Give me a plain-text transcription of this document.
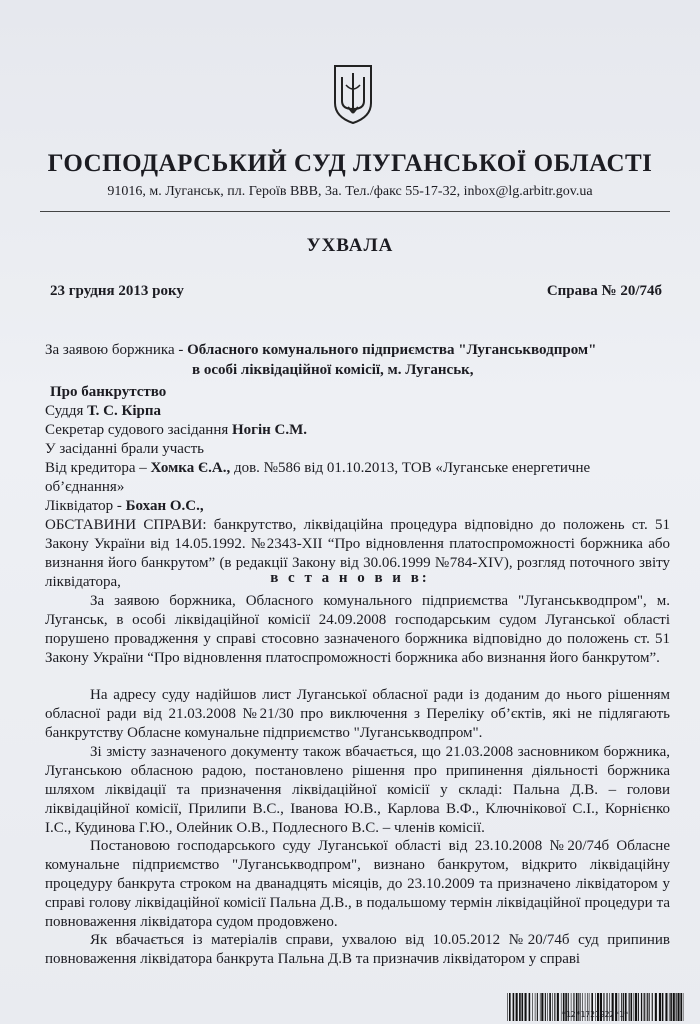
ГОСПОДАРСЬКИЙ СУД ЛУГАНСЬКОЇ ОБЛАСТІ
91016, м. Луганськ, пл. Героїв ВВВ, 3а. Тел./факс 55-17-32, inbox@lg.arbitr.gov.ua
УХВАЛА
23 грудня 2013 року	Справа № 20/74б
За заявою боржника - Обласного комунального підприємства "Луганськводпром"
в особі ліквідаційної комісії, м. Луганськ,
Про банкрутство
Суддя Т. С. Кірпа
Секретар судового засідання Ногін С.М.
У засіданні брали участь
Від кредитора – Хомка Є.А., дов. №586 від 01.10.2013, ТОВ «Луганське енергетичне
об’єднання»
Ліквідатор - Бохан О.С.,
ОБСТАВИНИ СПРАВИ: банкрутство, ліквідаційна процедура відповідно до положень ст. 51 Закону України від 14.05.1992. №2343-XII “Про відновлення платоспроможності боржника або визнання його банкрутом” (в редакції Закону від 30.06.1999 №784-XIV), розгляд поточного звіту ліквідатора,	в с т а н о в и в:
За заявою боржника, Обласного комунального підприємства "Луганськводпром", м. Луганськ, в особі ліквідаційної комісії 24.09.2008 господарським судом Луганської області порушено провадження у справі стосовно зазначеного боржника відповідно до положень ст. 51 Закону України “Про відновлення платоспроможності боржника або визнання його банкрутом”.
На адресу суду надійшов лист Луганської обласної ради із доданим до нього рішенням обласної ради від 21.03.2008 №21/30 про виключення з Переліку об’єктів, які не підлягають банкрутству Обласне комунальне підприємство "Луганськводпром".
Зі змісту зазначеного документу також вбачається, що 21.03.2008 засновником боржника, Луганською обласною радою, постановлено рішення про припинення діяльності боржника шляхом ліквідації та призначення ліквідаційної комісії у складі: Пальна Д.В. – голови ліквідаційної комісії, Прилипи В.С., Іванова Ю.В., Карлова В.Ф., Ключнікової С.І., Корнієнко І.С., Кудинова Г.Ю., Олейник О.В., Подлесного В.С. – членів комісії.
Постановою господарського суду Луганської області від 23.10.2008 №20/74б Обласне комунальне підприємство "Луганськводпром", визнано банкрутом, відкрито ліквідаційну процедуру банкрута строком на дванадцять місяців, до 23.10.2009 та призначено ліквідатором у справі голову ліквідаційної комісії Пальна Д.В., в подальшому термін ліквідаційної процедури та повноваження ліквідатора судом продовжено.
Як вбачається із матеріалів справи, ухвалою від 10.05.2012 №20/74б суд припинив повноваження ліквідатора банкрута Пальна Д.В та призначив ліквідатором у справі
*12*1721922*1*
